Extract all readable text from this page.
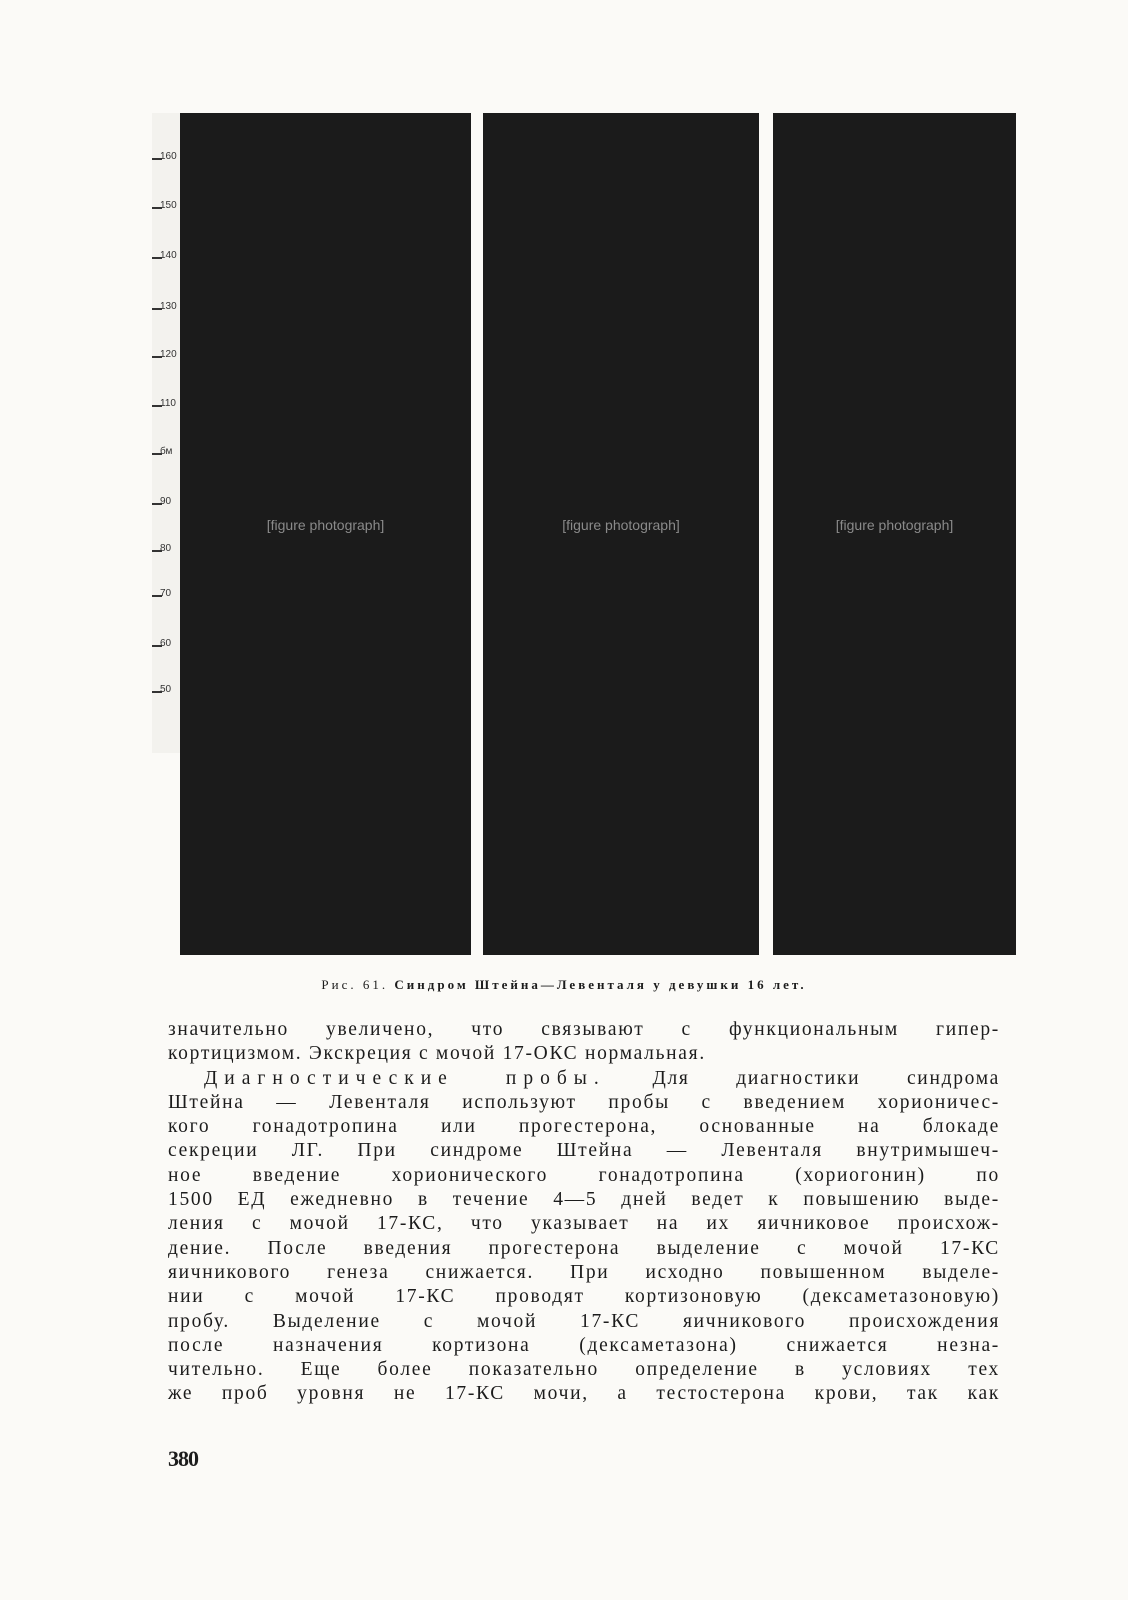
160
150
140
130
120
110
бм
90
80
70
60
50
[figure photograph]	[figure photograph]	[figure photograph]
Рис. 61. Синдром Штейна—Левенталя у девушки 16 лет.
значительно увеличено, что связывают с функциональным гипер-
кортицизмом. Экскреция с мочой 17-ОКС нормальная.
Диагностические пробы. Для диагностики синдрома
Штейна — Левенталя используют пробы с введением хорионичес-
кого гонадотропина или прогестерона, основанные на блокаде
секреции ЛГ. При синдроме Штейна — Левенталя внутримышеч-
ное введение хорионического гонадотропина (хориогонин) по
1500 ЕД ежедневно в течение 4—5 дней ведет к повышению выде-
ления с мочой 17-КС, что указывает на их яичниковое происхож-
дение. После введения прогестерона выделение с мочой 17-КС
яичникового генеза снижается. При исходно повышенном выделе-
нии с мочой 17-КС проводят кортизоновую (дексаметазоновую)
пробу. Выделение с мочой 17-КС яичникового происхождения
после назначения кортизона (дексаметазона) снижается незна-
чительно. Еще более показательно определение в условиях тех
же проб уровня не 17-КС мочи, а тестостерона крови, так как
380
